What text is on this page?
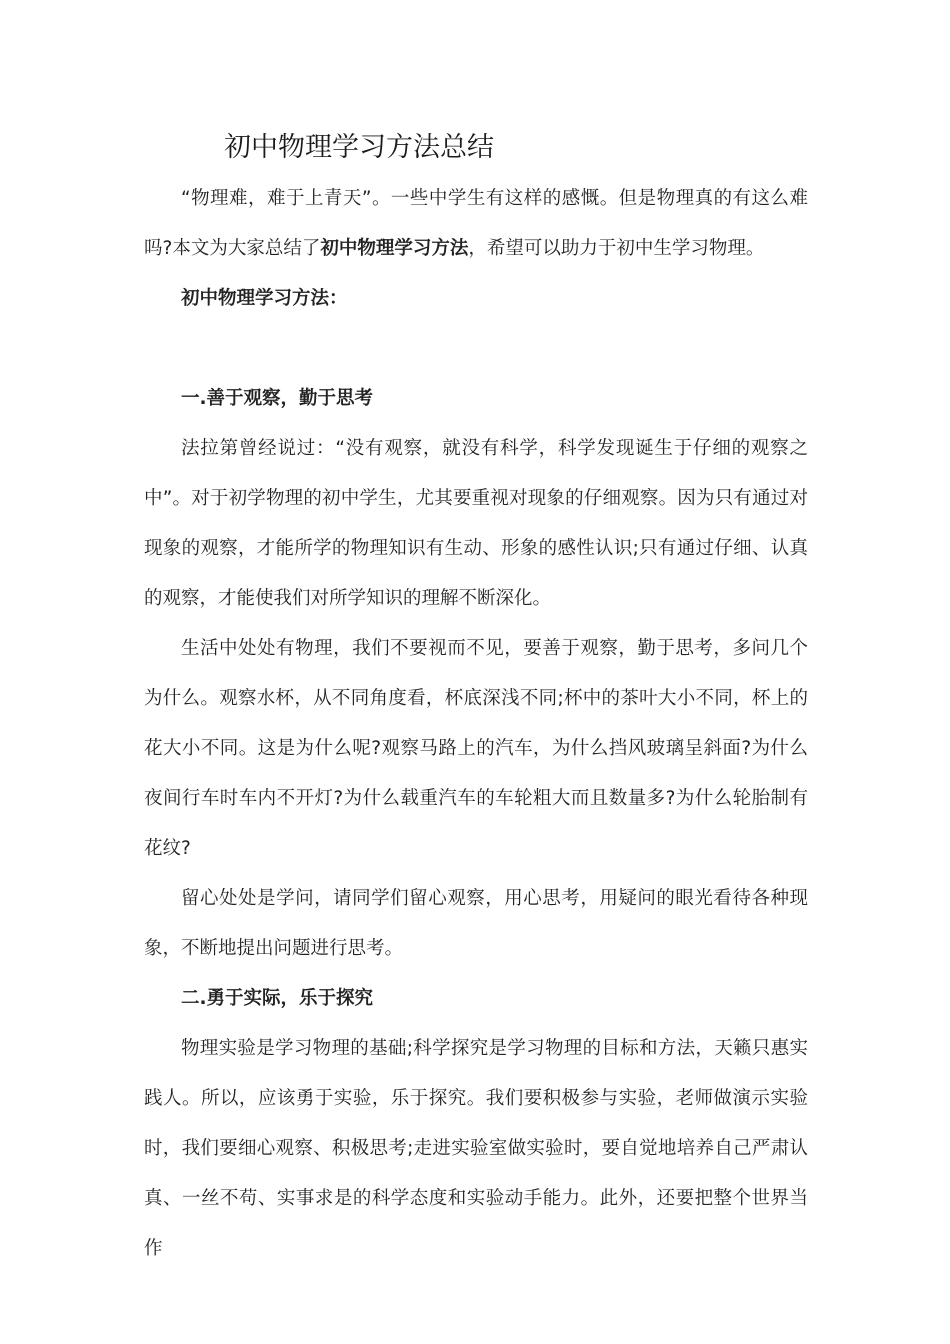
初中物理学习方法总结

“物理难，难于上青天”。一些中学生有这样的感慨。但是物理真的有这么难吗?本文为大家总结了初中物理学习方法，希望可以助力于初中生学习物理。

初中物理学习方法：

一.善于观察，勤于思考

法拉第曾经说过：“没有观察，就没有科学，科学发现诞生于仔细的观察之中”。对于初学物理的初中学生，尤其要重视对现象的仔细观察。因为只有通过对现象的观察，才能所学的物理知识有生动、形象的感性认识;只有通过仔细、认真的观察，才能使我们对所学知识的理解不断深化。

生活中处处有物理，我们不要视而不见，要善于观察，勤于思考，多问几个为什么。观察水杯，从不同角度看，杯底深浅不同;杯中的茶叶大小不同，杯上的花大小不同。这是为什么呢?观察马路上的汽车，为什么挡风玻璃呈斜面?为什么夜间行车时车内不开灯?为什么载重汽车的车轮粗大而且数量多?为什么轮胎制有花纹?

留心处处是学问，请同学们留心观察，用心思考，用疑问的眼光看待各种现象，不断地提出问题进行思考。

二.勇于实际，乐于探究

物理实验是学习物理的基础;科学探究是学习物理的目标和方法，天籁只惠实践人。所以，应该勇于实验，乐于探究。我们要积极参与实验，老师做演示实验时，我们要细心观察、积极思考;走进实验室做实验时，要自觉地培养自己严肃认真、一丝不苟、实事求是的科学态度和实验动手能力。此外，还要把整个世界当作
